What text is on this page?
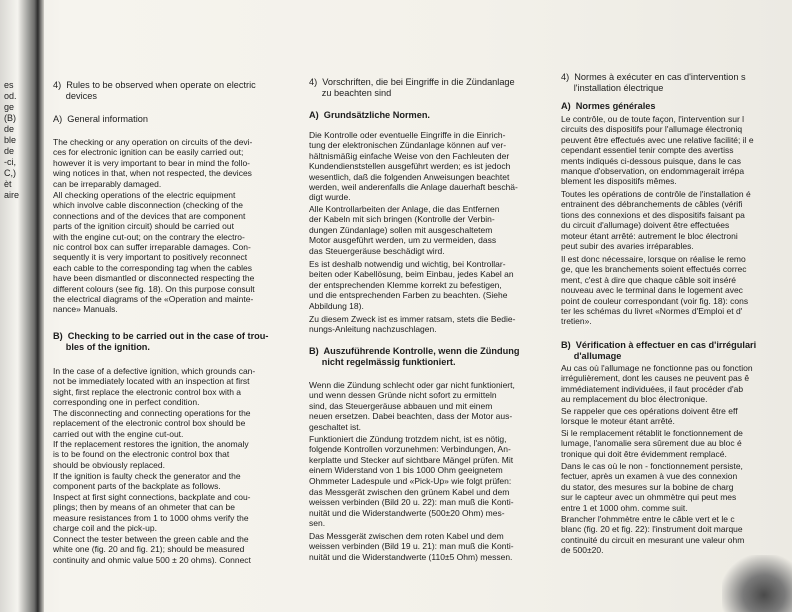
es
od.
ge
(B)
de
ble
de
-ci,
C,)
èt
aire
4)  Rules to be observed when operate on electric
devices
A)  General information
The checking or any operation on circuits of the devi-
ces for electronic ignition can be easily carried out;
however it is very important to bear in mind the follo-
wing notices in that, when not respected, the devices
can be irreparably damaged.
All checking operations of the electric equipment
which involve cable disconnection (checking of the
connections and of the devices that are component
parts of the ignition circuit) should be carried out
with the engine cut-out; on the contrary the electro-
nic control box can suffer irreparable damages. Con-
sequently it is very important to positively reconnect
each cable to the corresponding tag when the cables
have been dismantled or disconnected respecting the
different colours (see fig. 18). On this purpose consult
the electrical diagrams of the «Operation and mainte-
nance» Manuals.
B)  Checking to be carried out in the case of trou-
bles of the ignition.
In the case of a defective ignition, which grounds can-
not be immediately located with an inspection at first
sight, first replace the electronic control box with a
corresponding one in perfect condition.
The disconnecting and connecting operations for the
replacement of the electronic control box should be
carried out with the engine cut-out.
If the replacement restores the ignition, the anomaly
is to be found on the electronic control box that
should be obviously replaced.
If the ignition is faulty check the generator and the
component parts of the backplate as follows.
Inspect at first sight connections, backplate and cou-
plings; then by means of an ohmeter that can be
measure resistances from 1 to 1000 ohms verify the
charge coil and the pick-up.
Connect the tester between the green cable and the
white one (fig. 20 and fig. 21); should be measured
continuity and ohmic value 500 ± 20 ohms). Connect
4)  Vorschriften, die bei Eingriffe in die Zündanlage
zu beachten sind
A)  Grundsätzliche Normen.
Die Kontrolle oder eventuelle Eingriffe in die Einrich-
tung der elektronischen Zündanlage können auf ver-
hältnismäßig einfache Weise von den Fachleuten der
Kundendienststellen ausgeführt werden; es ist jedoch
wesentlich, daß die folgenden Anweisungen beachtet
werden, weil anderenfalls die Anlage dauerhaft beschä-
digt wurde.
Alle Kontrollarbeiten der Anlage, die das Entfernen
der Kabeln mit sich bringen (Kontrolle der Verbin-
dungen Zündanlage) sollen mit ausgeschaltetem
Motor ausgeführt werden, um zu vermeiden, dass
das Steuergeräuse beschädigt wird.
Es ist deshalb notwendig und wichtig, bei Kontrollar-
beiten oder Kabellösung, beim Einbau, jedes Kabel an
der entsprechenden Klemme korrekt zu befestigen,
und die entsprechenden Farben zu beachten. (Siehe
Abbildung 18).
Zu diesem Zweck ist es immer ratsam, stets die Bedie-
nungs-Anleitung nachzuschlagen.
B)  Auszuführende Kontrolle, wenn die Zündung
nicht regelmässig funktioniert.
Wenn die Zündung schlecht oder gar nicht funktioniert,
und wenn dessen Gründe nicht sofort zu ermitteln
sind, das Steuergeräuse abbauen und mit einem
neuen ersetzen. Dabei beachten, dass der Motor aus-
geschaltet ist.
Funktioniert die Zündung trotzdem nicht, ist es nötig,
folgende Kontrollen vorzunehmen: Verbindungen, An-
kerplatte und Stecker auf sichtbare Mängel prüfen. Mit
einem Widerstand von 1 bis 1000 Ohm geeignetem
Ohmmeter Ladespule und «Pick-Up» wie folgt prüfen:
das Messgerät zwischen den grünem Kabel und dem
weissen verbinden (Bild 20 u. 22): man muß die Konti-
nuität und die Widerstandwerte (500±20 Ohm) mes-
sen.
Das Messgerät zwischen dem roten Kabel und dem
weissen verbinden (Bild 19 u. 21): man muß die Konti-
nuität und die Widerstandwerte (110±5 Ohm) messen.
4)  Normes à exécuter en cas d'intervention s
l'installation électrique
A)  Normes générales
Le contrôle, ou de toute façon, l'intervention sur l
circuits des dispositifs pour l'allumage électroniq
peuvent être effectués avec une relative facilité; il e
cependant essentiel tenir compte des avertiss
ments indiqués ci-dessous puisque, dans le cas
manque d'observation, on endommagerait irrépa
blement les dispositifs mêmes.
Toutes les opérations de contrôle de l'installation é
entrainent des débranchements de câbles (vérifi
tions des connexions et des dispositifs faisant pa
du circuit d'allumage) doivent être effectuées
moteur étant arrêté: autrement le bloc électroni
peut subir des avaries irréparables.
Il est donc nécessaire, lorsque on réalise le remo
ge, que les branchements soient effectués correc
ment, c'est à dire que chaque câble soit inséré
nouveau avec le terminal dans le logement avec
point de couleur correspondant (voir fig. 18): cons
ter les schémas du livret «Normes d'Emploi et d'
tretien».
B)  Vérification à effectuer en cas d'irrégulari
d'allumage
Au cas où l'allumage ne fonctionne pas ou fonction
irrégulièrement, dont les causes ne peuvent pas ê
immédiatement individuées, il faut procéder d'ab
au remplacement du bloc électronique.
Se rappeler que ces opérations doivent être eff
lorsque le moteur étant arrêté.
Si le remplacement rétablit le fonctionnement de
lumage, l'anomalie sera sûrement due au bloc é
tronique qui doit être évidemment remplacé.
Dans le cas où le non - fonctionnement persiste,
fectuer, après un examen à vue des connexion
du stator, des mesures sur la bobine de charg
sur le capteur avec un ohmmètre qui peut mes
entre 1 et 1000 ohm. comme suit.
Brancher l'ohmmètre entre le câble vert et le c
blanc (fig. 20 et fig. 22): l'instrument doit marque
continuité du circuit en mesurant une valeur ohm
de 500±20.
